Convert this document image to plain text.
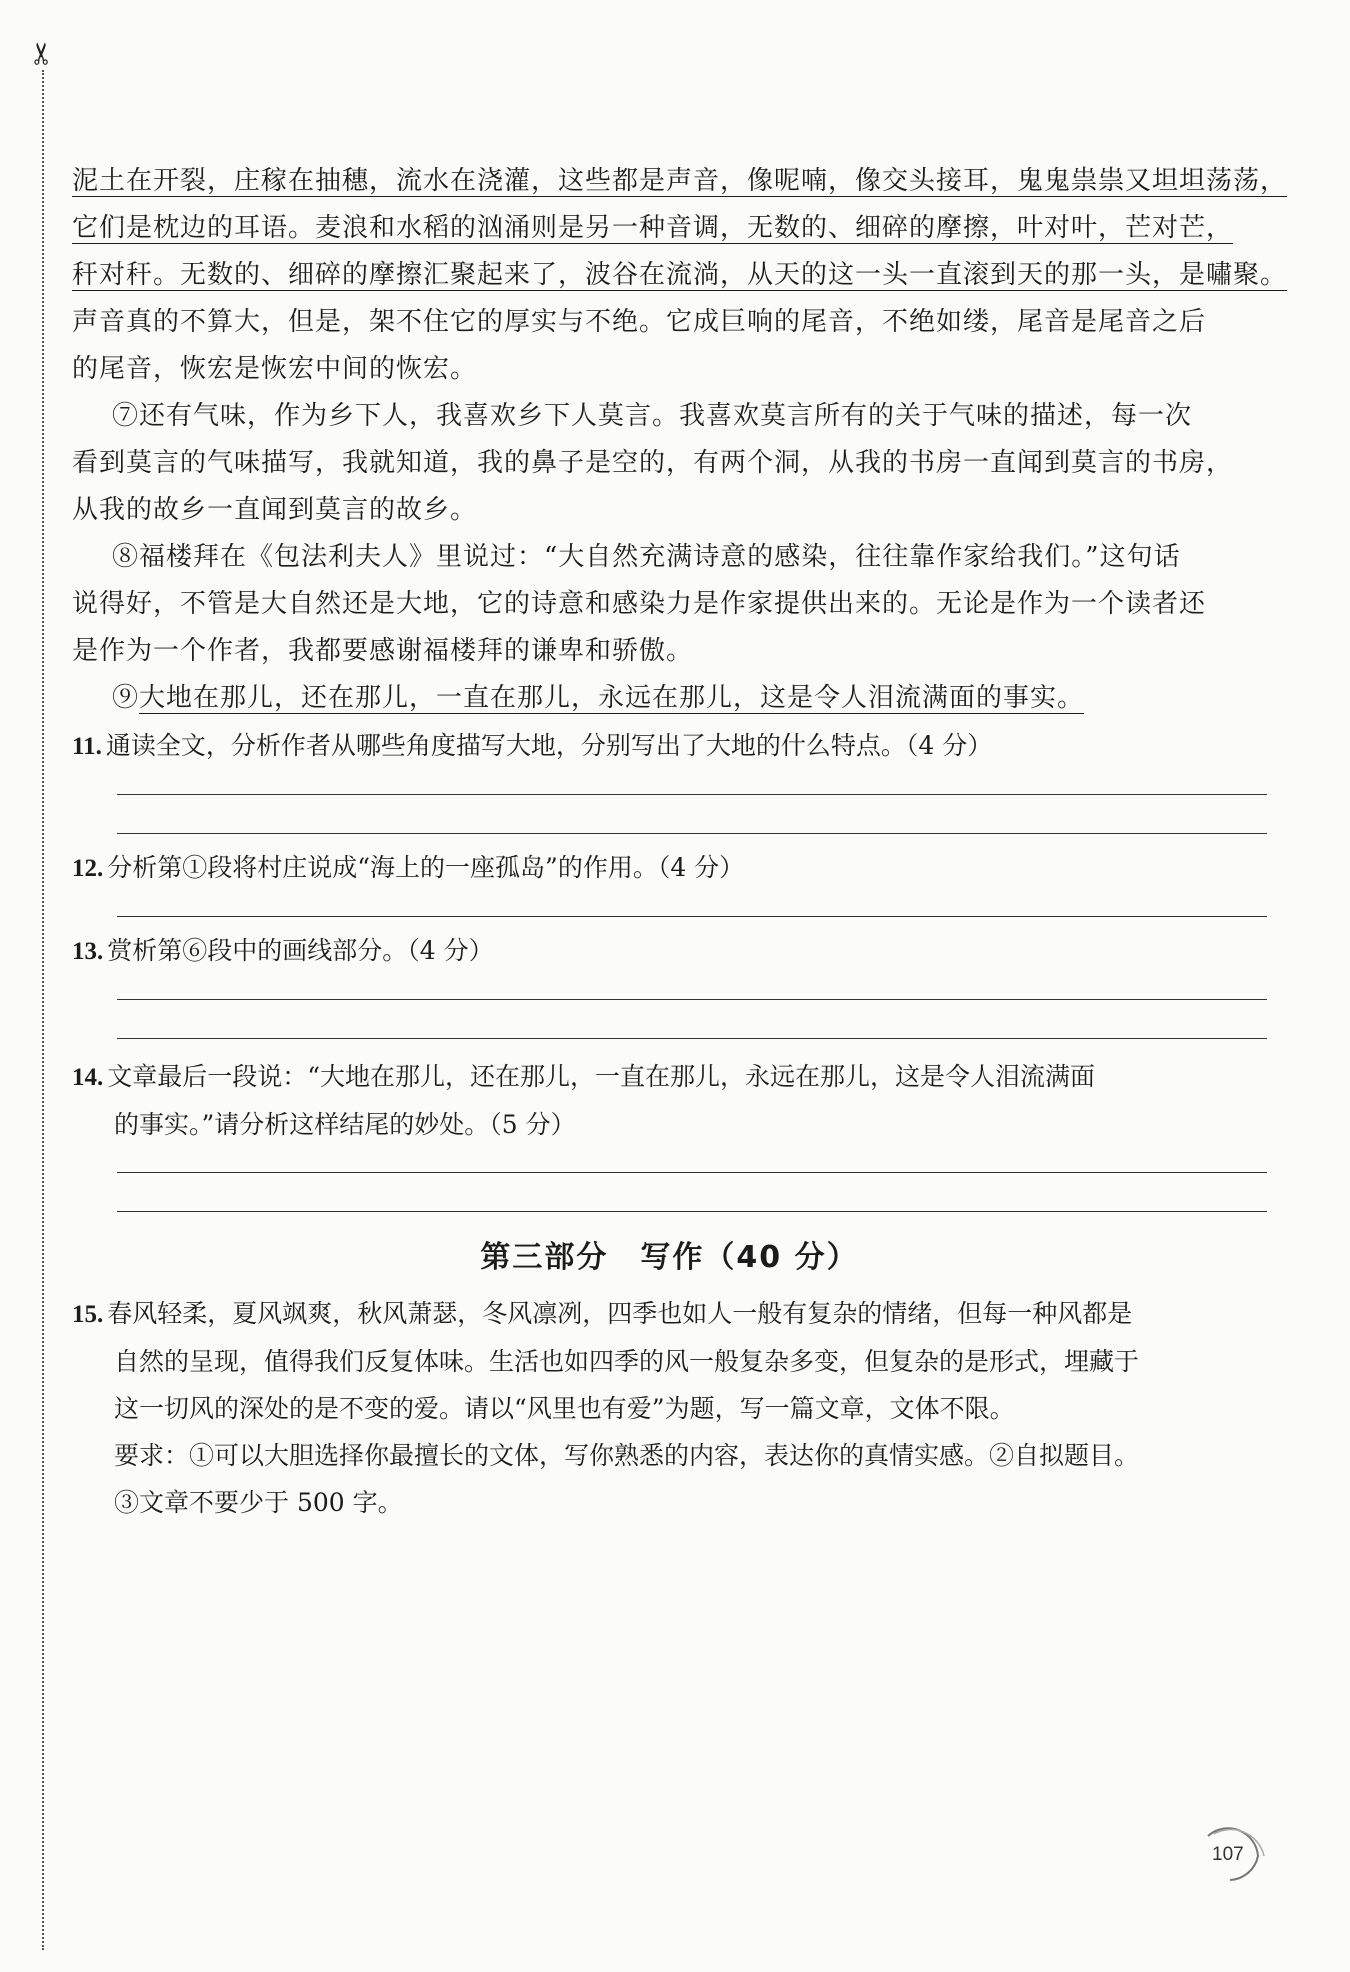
✂
泥土在开裂，庄稼在抽穗，流水在浇灌，这些都是声音，像呢喃，像交头接耳，鬼鬼祟祟又坦坦荡荡，
它们是枕边的耳语。麦浪和水稻的汹涌则是另一种音调，无数的、细碎的摩擦，叶对叶，芒对芒，
秆对秆。无数的、细碎的摩擦汇聚起来了，波谷在流淌，从天的这一头一直滚到天的那一头，是嘯聚。
声音真的不算大，但是，架不住它的厚实与不绝。它成巨响的尾音，不绝如缕，尾音是尾音之后
的尾音，恢宏是恢宏中间的恢宏。
⑦还有气味，作为乡下人，我喜欢乡下人莫言。我喜欢莫言所有的关于气味的描述，每一次
看到莫言的气味描写，我就知道，我的鼻子是空的，有两个洞，从我的书房一直闻到莫言的书房，
从我的故乡一直闻到莫言的故乡。
⑧福楼拜在《包法利夫人》里说过：“大自然充满诗意的感染，往往靠作家给我们。”这句话
说得好，不管是大自然还是大地，它的诗意和感染力是作家提供出来的。无论是作为一个读者还
是作为一个作者，我都要感谢福楼拜的谦卑和骄傲。
⑨大地在那儿，还在那儿，一直在那儿，永远在那儿，这是令人泪流满面的事实。
11. 通读全文，分析作者从哪些角度描写大地，分别写出了大地的什么特点。（4 分）
12. 分析第①段将村庄说成“海上的一座孤岛”的作用。（4 分）
13. 赏析第⑥段中的画线部分。（4 分）
14. 文章最后一段说：“大地在那儿，还在那儿，一直在那儿，永远在那儿，这是令人泪流满面
的事实。”请分析这样结尾的妙处。（5 分）
第三部分　写作（40 分）
15. 春风轻柔，夏风飒爽，秋风萧瑟，冬风凛冽，四季也如人一般有复杂的情绪，但每一种风都是
自然的呈现，值得我们反复体味。生活也如四季的风一般复杂多变，但复杂的是形式，埋藏于
这一切风的深处的是不变的爱。请以“风里也有爱”为题，写一篇文章，文体不限。
要求：①可以大胆选择你最擅长的文体，写你熟悉的内容，表达你的真情实感。②自拟题目。
③文章不要少于 500 字。
107
